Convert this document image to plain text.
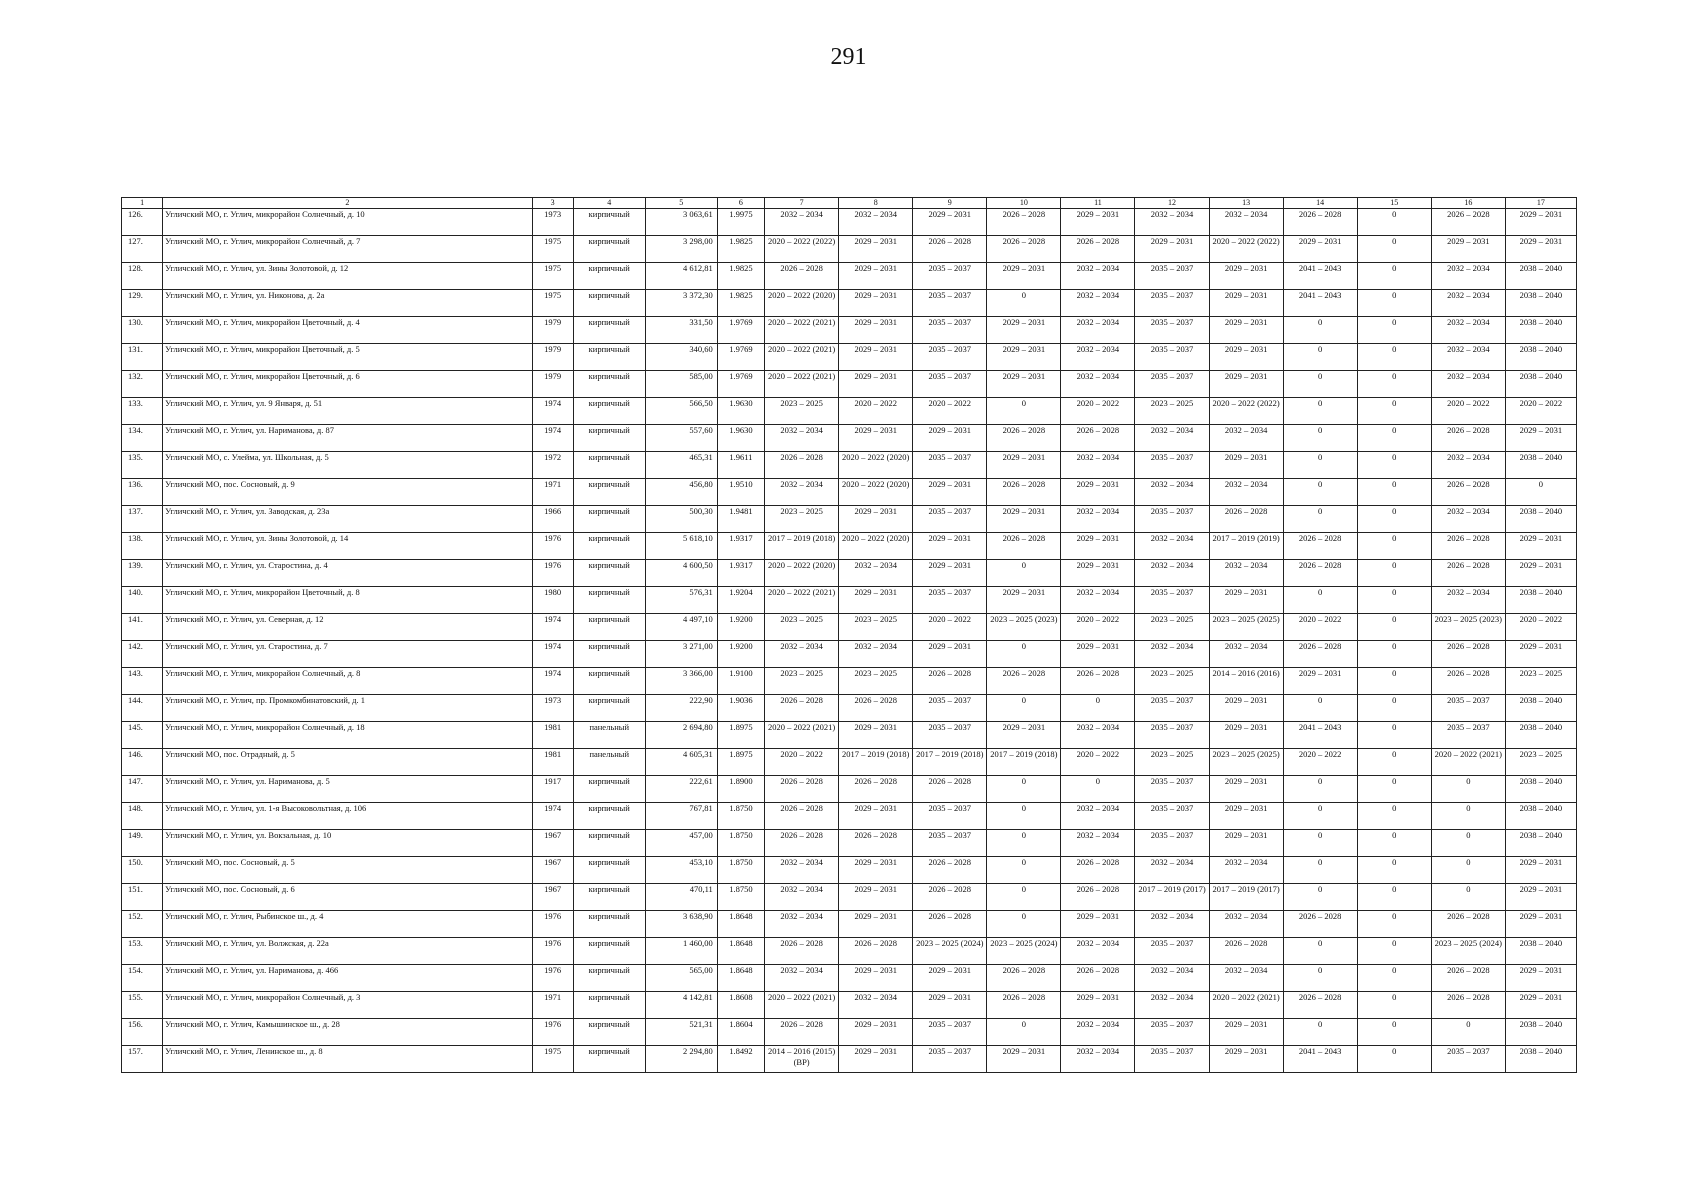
291
1	2	3	4	5	6	7	8	9	10	11	12	13	14	15	16	17
126.	Угличский МО, г. Углич, микрорайон Солнечный, д. 10	1973	кирпичный	3 063,61	1.9975	2032 – 2034	2032 – 2034	2029 – 2031	2026 – 2028	2029 – 2031	2032 – 2034	2032 – 2034	2026 – 2028	0	2026 – 2028	2029 – 2031
127.	Угличский МО, г. Углич, микрорайон Солнечный, д. 7	1975	кирпичный	3 298,00	1.9825	2020 – 2022 (2022)	2029 – 2031	2026 – 2028	2026 – 2028	2026 – 2028	2029 – 2031	2020 – 2022 (2022)	2029 – 2031	0	2029 – 2031	2029 – 2031
128.	Угличский МО, г. Углич, ул. Зины Золотовой, д. 12	1975	кирпичный	4 612,81	1.9825	2026 – 2028	2029 – 2031	2035 – 2037	2029 – 2031	2032 – 2034	2035 – 2037	2029 – 2031	2041 – 2043	0	2032 – 2034	2038 – 2040
129.	Угличский МО, г. Углич, ул. Никонова, д. 2а	1975	кирпичный	3 372,30	1.9825	2020 – 2022 (2020)	2029 – 2031	2035 – 2037	0	2032 – 2034	2035 – 2037	2029 – 2031	2041 – 2043	0	2032 – 2034	2038 – 2040
130.	Угличский МО, г. Углич, микрорайон Цветочный, д. 4	1979	кирпичный	331,50	1.9769	2020 – 2022 (2021)	2029 – 2031	2035 – 2037	2029 – 2031	2032 – 2034	2035 – 2037	2029 – 2031	0	0	2032 – 2034	2038 – 2040
131.	Угличский МО, г. Углич, микрорайон Цветочный, д. 5	1979	кирпичный	340,60	1.9769	2020 – 2022 (2021)	2029 – 2031	2035 – 2037	2029 – 2031	2032 – 2034	2035 – 2037	2029 – 2031	0	0	2032 – 2034	2038 – 2040
132.	Угличский МО, г. Углич, микрорайон Цветочный, д. 6	1979	кирпичный	585,00	1.9769	2020 – 2022 (2021)	2029 – 2031	2035 – 2037	2029 – 2031	2032 – 2034	2035 – 2037	2029 – 2031	0	0	2032 – 2034	2038 – 2040
133.	Угличский МО, г. Углич, ул. 9 Января, д. 51	1974	кирпичный	566,50	1.9630	2023 – 2025	2020 – 2022	2020 – 2022	0	2020 – 2022	2023 – 2025	2020 – 2022 (2022)	0	0	2020 – 2022	2020 – 2022
134.	Угличский МО, г. Углич, ул. Нариманова, д. 87	1974	кирпичный	557,60	1.9630	2032 – 2034	2029 – 2031	2029 – 2031	2026 – 2028	2026 – 2028	2032 – 2034	2032 – 2034	0	0	2026 – 2028	2029 – 2031
135.	Угличский МО, с. Улейма, ул. Школьная, д. 5	1972	кирпичный	465,31	1.9611	2026 – 2028	2020 – 2022 (2020)	2035 – 2037	2029 – 2031	2032 – 2034	2035 – 2037	2029 – 2031	0	0	2032 – 2034	2038 – 2040
136.	Угличский МО, пос. Сосновый, д. 9	1971	кирпичный	456,80	1.9510	2032 – 2034	2020 – 2022 (2020)	2029 – 2031	2026 – 2028	2029 – 2031	2032 – 2034	2032 – 2034	0	0	2026 – 2028	0
137.	Угличский МО, г. Углич, ул. Заводская, д. 23а	1966	кирпичный	500,30	1.9481	2023 – 2025	2029 – 2031	2035 – 2037	2029 – 2031	2032 – 2034	2035 – 2037	2026 – 2028	0	0	2032 – 2034	2038 – 2040
138.	Угличский МО, г. Углич, ул. Зины Золотовой, д. 14	1976	кирпичный	5 618,10	1.9317	2017 – 2019 (2018)	2020 – 2022 (2020)	2029 – 2031	2026 – 2028	2029 – 2031	2032 – 2034	2017 – 2019 (2019)	2026 – 2028	0	2026 – 2028	2029 – 2031
139.	Угличский МО, г. Углич, ул. Старостина, д. 4	1976	кирпичный	4 600,50	1.9317	2020 – 2022 (2020)	2032 – 2034	2029 – 2031	0	2029 – 2031	2032 – 2034	2032 – 2034	2026 – 2028	0	2026 – 2028	2029 – 2031
140.	Угличский МО, г. Углич, микрорайон Цветочный, д. 8	1980	кирпичный	576,31	1.9204	2020 – 2022 (2021)	2029 – 2031	2035 – 2037	2029 – 2031	2032 – 2034	2035 – 2037	2029 – 2031	0	0	2032 – 2034	2038 – 2040
141.	Угличский МО, г. Углич, ул. Северная, д. 12	1974	кирпичный	4 497,10	1.9200	2023 – 2025	2023 – 2025	2020 – 2022	2023 – 2025 (2023)	2020 – 2022	2023 – 2025	2023 – 2025 (2025)	2020 – 2022	0	2023 – 2025 (2023)	2020 – 2022
142.	Угличский МО, г. Углич, ул. Старостина, д. 7	1974	кирпичный	3 271,00	1.9200	2032 – 2034	2032 – 2034	2029 – 2031	0	2029 – 2031	2032 – 2034	2032 – 2034	2026 – 2028	0	2026 – 2028	2029 – 2031
143.	Угличский МО, г. Углич, микрорайон Солнечный, д. 8	1974	кирпичный	3 366,00	1.9100	2023 – 2025	2023 – 2025	2026 – 2028	2026 – 2028	2026 – 2028	2023 – 2025	2014 – 2016 (2016)	2029 – 2031	0	2026 – 2028	2023 – 2025
144.	Угличский МО, г. Углич, пр. Промкомбинатовский, д. 1	1973	кирпичный	222,90	1.9036	2026 – 2028	2026 – 2028	2035 – 2037	0	0	2035 – 2037	2029 – 2031	0	0	2035 – 2037	2038 – 2040
145.	Угличский МО, г. Углич, микрорайон Солнечный, д. 18	1981	панельный	2 694,80	1.8975	2020 – 2022 (2021)	2029 – 2031	2035 – 2037	2029 – 2031	2032 – 2034	2035 – 2037	2029 – 2031	2041 – 2043	0	2035 – 2037	2038 – 2040
146.	Угличский МО, пос. Отрадный, д. 5	1981	панельный	4 605,31	1.8975	2020 – 2022	2017 – 2019 (2018)	2017 – 2019 (2018)	2017 – 2019 (2018)	2020 – 2022	2023 – 2025	2023 – 2025 (2025)	2020 – 2022	0	2020 – 2022 (2021)	2023 – 2025
147.	Угличский МО, г. Углич, ул. Нариманова, д. 5	1917	кирпичный	222,61	1.8900	2026 – 2028	2026 – 2028	2026 – 2028	0	0	2035 – 2037	2029 – 2031	0	0	0	2038 – 2040
148.	Угличский МО, г. Углич, ул. 1-я Высоковольтная, д. 106	1974	кирпичный	767,81	1.8750	2026 – 2028	2029 – 2031	2035 – 2037	0	2032 – 2034	2035 – 2037	2029 – 2031	0	0	0	2038 – 2040
149.	Угличский МО, г. Углич, ул. Вокзальная, д. 10	1967	кирпичный	457,00	1.8750	2026 – 2028	2026 – 2028	2035 – 2037	0	2032 – 2034	2035 – 2037	2029 – 2031	0	0	0	2038 – 2040
150.	Угличский МО, пос. Сосновый, д. 5	1967	кирпичный	453,10	1.8750	2032 – 2034	2029 – 2031	2026 – 2028	0	2026 – 2028	2032 – 2034	2032 – 2034	0	0	0	2029 – 2031
151.	Угличский МО, пос. Сосновый, д. 6	1967	кирпичный	470,11	1.8750	2032 – 2034	2029 – 2031	2026 – 2028	0	2026 – 2028	2017 – 2019 (2017)	2017 – 2019 (2017)	0	0	0	2029 – 2031
152.	Угличский МО, г. Углич, Рыбинское ш., д. 4	1976	кирпичный	3 638,90	1.8648	2032 – 2034	2029 – 2031	2026 – 2028	0	2029 – 2031	2032 – 2034	2032 – 2034	2026 – 2028	0	2026 – 2028	2029 – 2031
153.	Угличский МО, г. Углич, ул. Волжская, д. 22а	1976	кирпичный	1 460,00	1.8648	2026 – 2028	2026 – 2028	2023 – 2025 (2024)	2023 – 2025 (2024)	2032 – 2034	2035 – 2037	2026 – 2028	0	0	2023 – 2025 (2024)	2038 – 2040
154.	Угличский МО, г. Углич, ул. Нариманова, д. 466	1976	кирпичный	565,00	1.8648	2032 – 2034	2029 – 2031	2029 – 2031	2026 – 2028	2026 – 2028	2032 – 2034	2032 – 2034	0	0	2026 – 2028	2029 – 2031
155.	Угличский МО, г. Углич, микрорайон Солнечный, д. 3	1971	кирпичный	4 142,81	1.8608	2020 – 2022 (2021)	2032 – 2034	2029 – 2031	2026 – 2028	2029 – 2031	2032 – 2034	2020 – 2022 (2021)	2026 – 2028	0	2026 – 2028	2029 – 2031
156.	Угличский МО, г. Углич, Камышинское ш., д. 28	1976	кирпичный	521,31	1.8604	2026 – 2028	2029 – 2031	2035 – 2037	0	2032 – 2034	2035 – 2037	2029 – 2031	0	0	0	2038 – 2040
157.	Угличский МО, г. Углич, Ленинское ш., д. 8	1975	кирпичный	2 294,80	1.8492	2014 – 2016 (2015) (ВР)	2029 – 2031	2035 – 2037	2029 – 2031	2032 – 2034	2035 – 2037	2029 – 2031	2041 – 2043	0	2035 – 2037	2038 – 2040
